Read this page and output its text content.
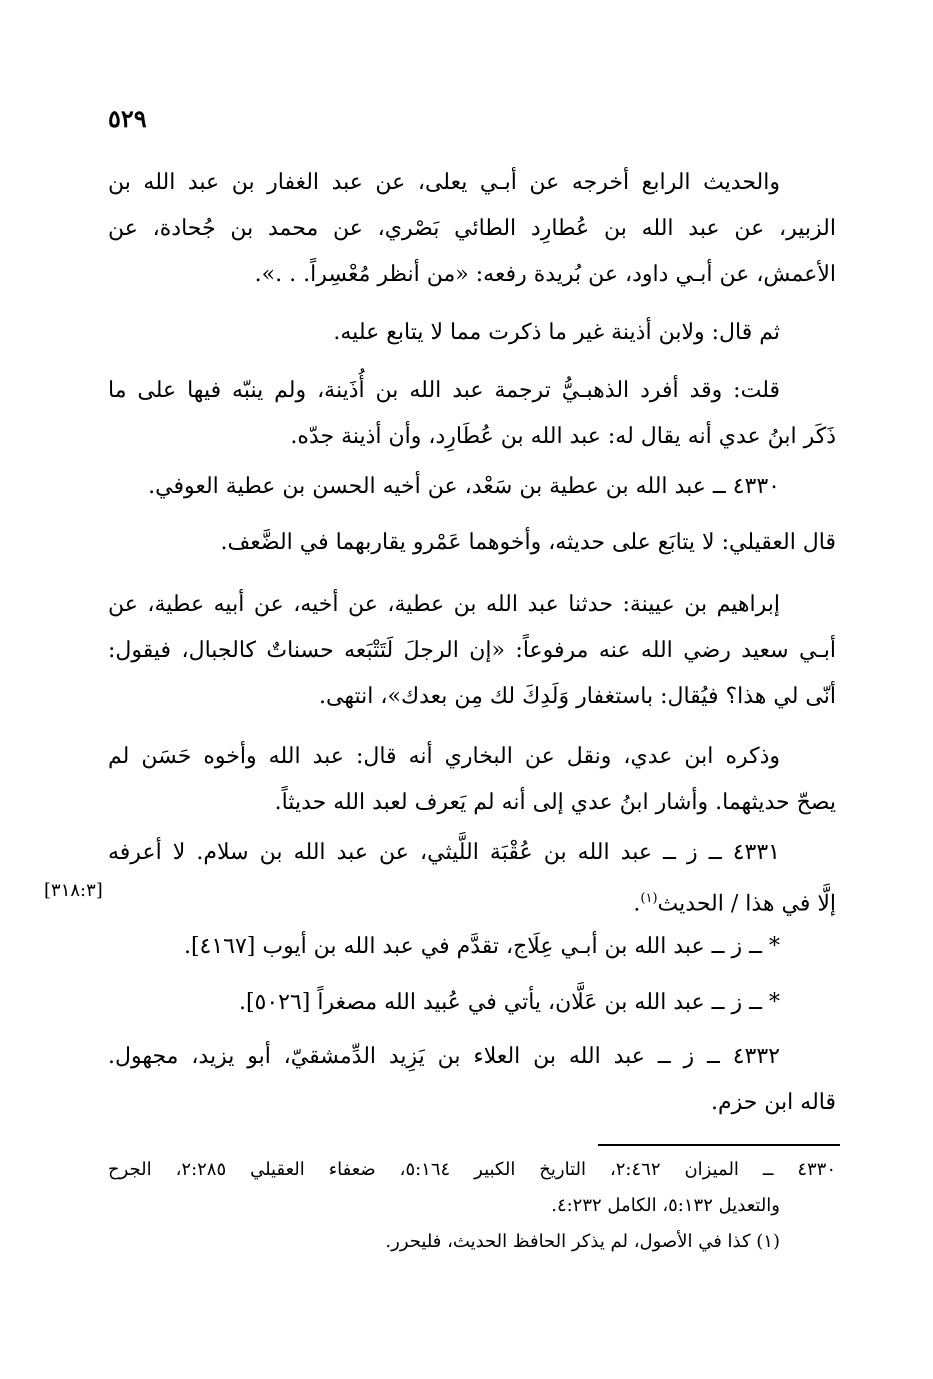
٥٢٩
والحديث الرابع أخرجه عن أبـي يعلى، عن عبد الغفار بن عبد الله بن
الزبير، عن عبد الله بن عُطارِد الطائي بَصْري، عن محمد بن جُحادة، عن
الأعمش، عن أبـي داود، عن بُريدة رفعه: «من أنظر مُعْسِراً. . .».
ثم قال: ولابن أذينة غير ما ذكرت مما لا يتابع عليه.
قلت: وقد أفرد الذهبـيُّ ترجمة عبد الله بن أُذَينة، ولم ينبّه فيها على ما
ذَكَر ابنُ عدي أنه يقال له: عبد الله بن عُطَارِد، وأن أذينة جدّه.
٤٣٣٠ ــ عبد الله بن عطية بن سَعْد، عن أخيه الحسن بن عطية العوفي.
قال العقيلي: لا يتابَع على حديثه، وأخوهما عَمْرو يقاربهما في الضَّعف.
إبراهيم بن عيينة: حدثنا عبد الله بن عطية، عن أخيه، عن أبيه عطية، عن
أبـي سعيد رضي الله عنه مرفوعاً: «إن الرجلَ لَتَتْبَعه حسناتٌ كالجبال، فيقول:
أنّى لي هذا؟ فيُقال: باستغفار وَلَدِكَ لك مِن بعدك»، انتهى.
وذكره ابن عدي، ونقل عن البخاري أنه قال: عبد الله وأخوه حَسَن لم
يصحّ حديثهما. وأشار ابنُ عدي إلى أنه لم يَعرف لعبد الله حديثاً.
٤٣٣١ ــ ز ــ عبد الله بن عُقْبَة اللَّيثي، عن عبد الله بن سلام. لا أعرفه
إلَّا في هذا / الحديث$^{(١)}$.
[٣١٨:٣]
* ــ ز ــ عبد الله بن أبـي عِلَاج، تقدَّم في عبد الله بن أيوب [٤١٦٧].
* ــ ز ــ عبد الله بن عَلَّان، يأتي في عُبيد الله مصغراً [٥٠٢٦].
٤٣٣٢ ــ ز ــ عبد الله بن العلاء بن يَزِيد الدِّمشقيّ، أبو يزيد، مجهول.
قاله ابن حزم.
٤٣٣٠ ــ الميزان ٢:٤٦٢، التاريخ الكبير ٥:١٦٤، ضعفاء العقيلي ٢:٢٨٥، الجرح
والتعديل ٥:١٣٢، الكامل ٤:٢٣٢.
(١) كذا في الأصول، لم يذكر الحافظ الحديث، فليحرر.
